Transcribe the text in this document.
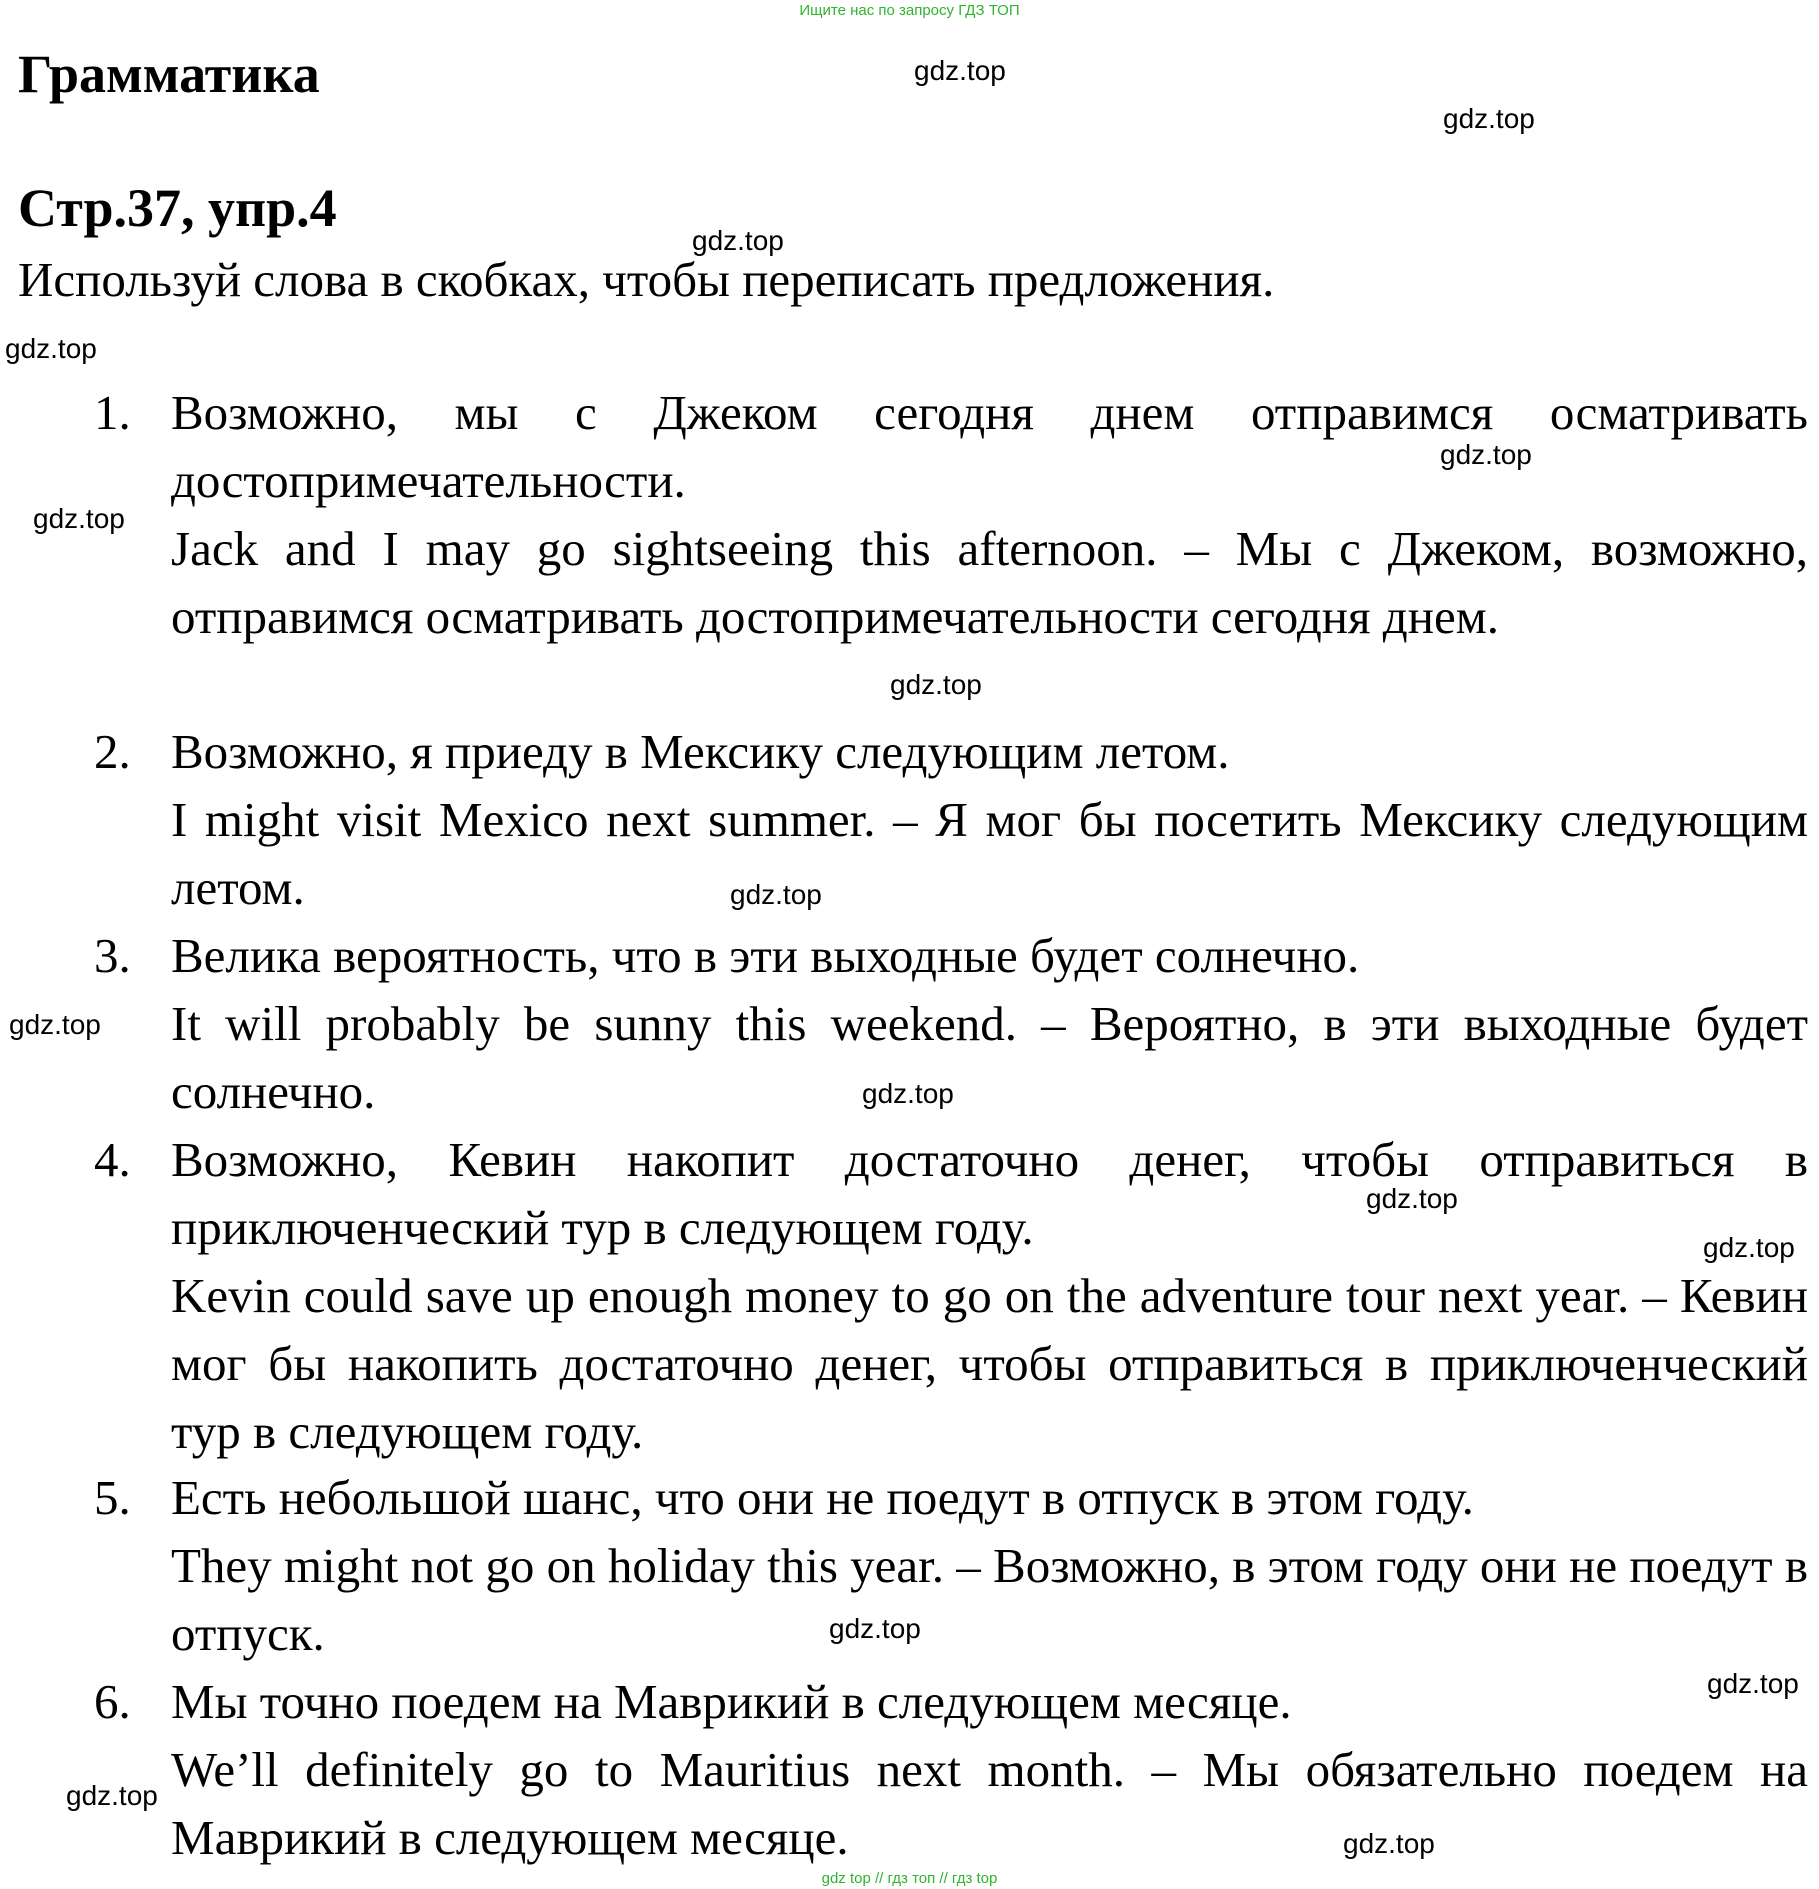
Ищите нас по запросу ГДЗ ТОП
Грамматика
Стр.37, упр.4
Используй слова в скобках, чтобы переписать предложения.
1. Возможно, мы с Джеком сегодня днем отправимся осматривать достопримечательности.
Jack and I may go sightseeing this afternoon. – Мы с Джеком, возможно, отправимся осматривать достопримечательности сегодня днем.
2. Возможно, я приеду в Мексику следующим летом.
I might visit Mexico next summer. – Я мог бы посетить Мексику следующим летом.
3. Велика вероятность, что в эти выходные будет солнечно.
It will probably be sunny this weekend. – Вероятно, в эти выходные будет солнечно.
4. Возможно, Кевин накопит достаточно денег, чтобы отправиться в приключенческий тур в следующем году.
Kevin could save up enough money to go on the adventure tour next year. – Кевин мог бы накопить достаточно денег, чтобы отправиться в приключенческий тур в следующем году.
5. Есть небольшой шанс, что они не поедут в отпуск в этом году.
They might not go on holiday this year. – Возможно, в этом году они не поедут в отпуск.
6. Мы точно поедем на Маврикий в следующем месяце.
We’ll definitely go to Mauritius next month. – Мы обязательно поедем на Маврикий в следующем месяце.
gdz.top
gdz.top
gdz.top
gdz.top
gdz.top
gdz.top
gdz.top
gdz.top
gdz.top
gdz.top
gdz.top
gdz.top
gdz.top
gdz.top
gdz.top
gdz.top
gdz top // гдз топ // гдз top
